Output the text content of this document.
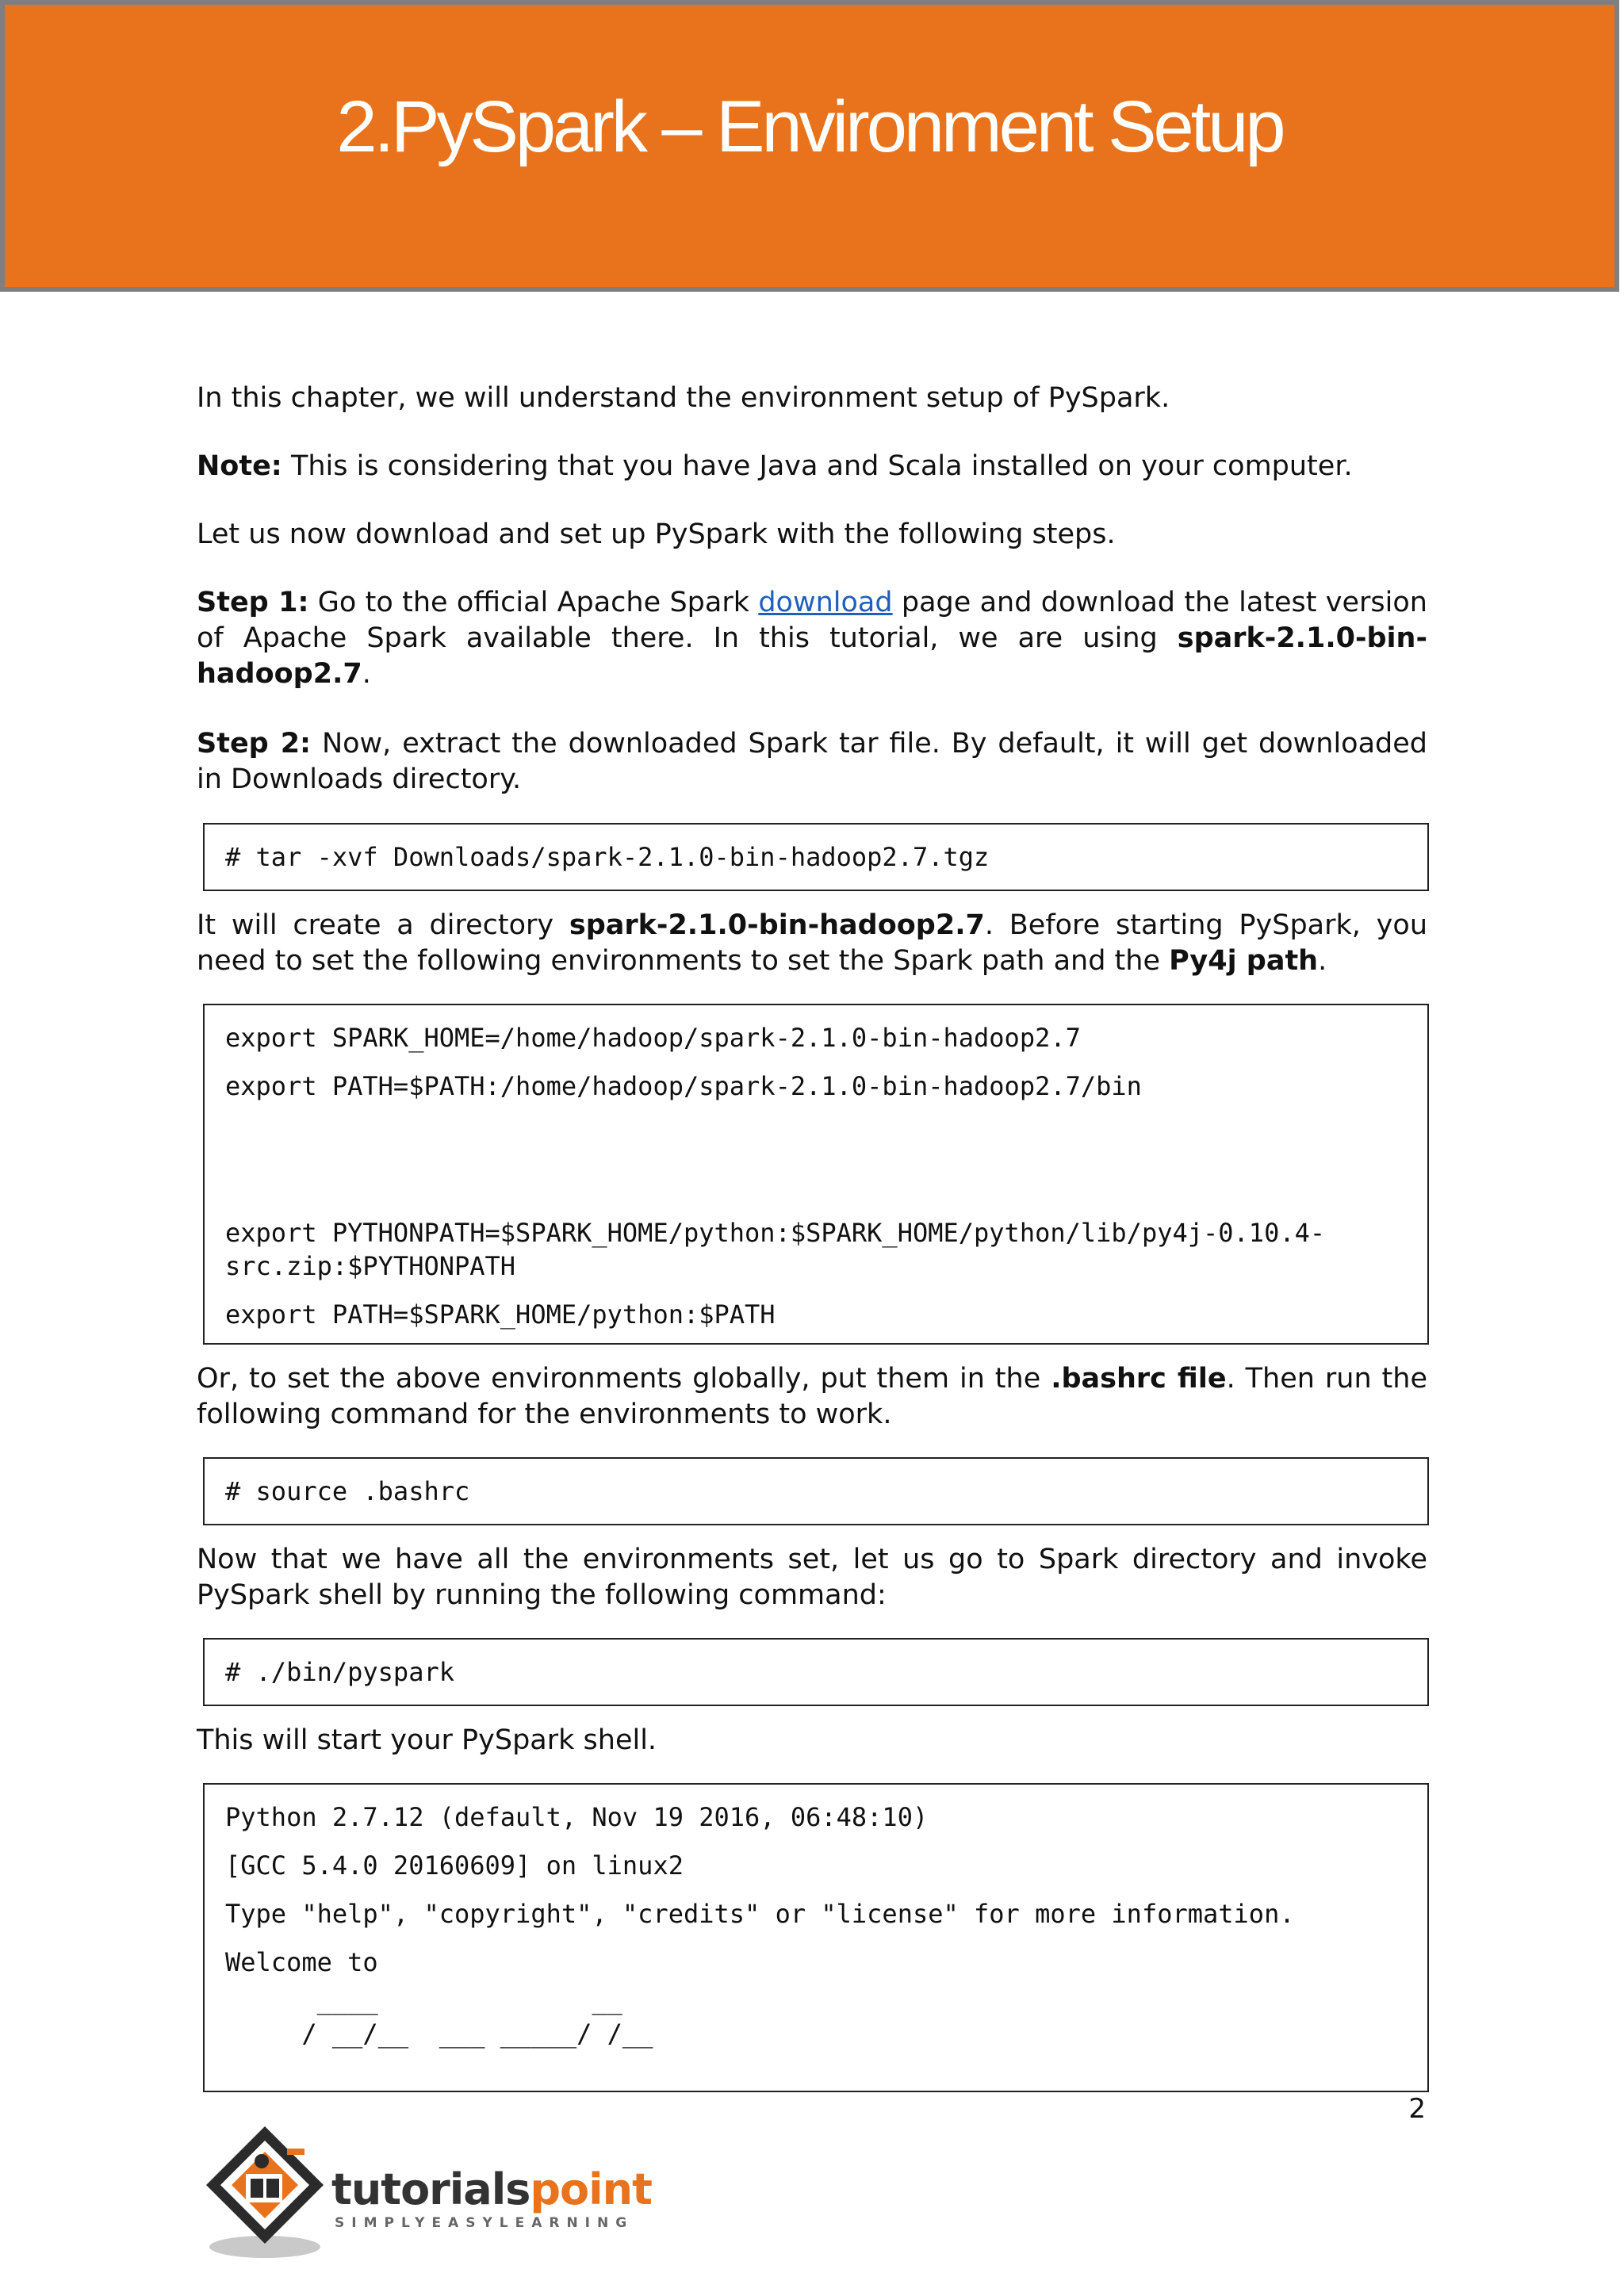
2.PySpark – Environment Setup

In this chapter, we will understand the environment setup of PySpark.

Note: This is considering that you have Java and Scala installed on your computer.

Let us now download and set up PySpark with the following steps.

Step 1: Go to the official Apache Spark download page and download the latest version of Apache Spark available there. In this tutorial, we are using spark-2.1.0-bin-hadoop2.7.

Step 2: Now, extract the downloaded Spark tar file. By default, it will get downloaded in Downloads directory.

# tar -xvf Downloads/spark-2.1.0-bin-hadoop2.7.tgz

It will create a directory spark-2.1.0-bin-hadoop2.7. Before starting PySpark, you need to set the following environments to set the Spark path and the Py4j path.

export SPARK_HOME=/home/hadoop/spark-2.1.0-bin-hadoop2.7
export PATH=$PATH:/home/hadoop/spark-2.1.0-bin-hadoop2.7/bin
export PYTHONPATH=$SPARK_HOME/python:$SPARK_HOME/python/lib/py4j-0.10.4-
src.zip:$PYTHONPATH
export PATH=$SPARK_HOME/python:$PATH

Or, to set the above environments globally, put them in the .bashrc file. Then run the following command for the environments to work.

# source .bashrc

Now that we have all the environments set, let us go to Spark directory and invoke PySpark shell by running the following command:

# ./bin/pyspark

This will start your PySpark shell.

Python 2.7.12 (default, Nov 19 2016, 06:48:10)
[GCC 5.4.0 20160609] on linux2
Type "help", "copyright", "credits" or "license" for more information.
Welcome to
____              __
/ __/__  ___ _____/ /__
2
tutorialspoint
SIMPLYEASYLEARNING
